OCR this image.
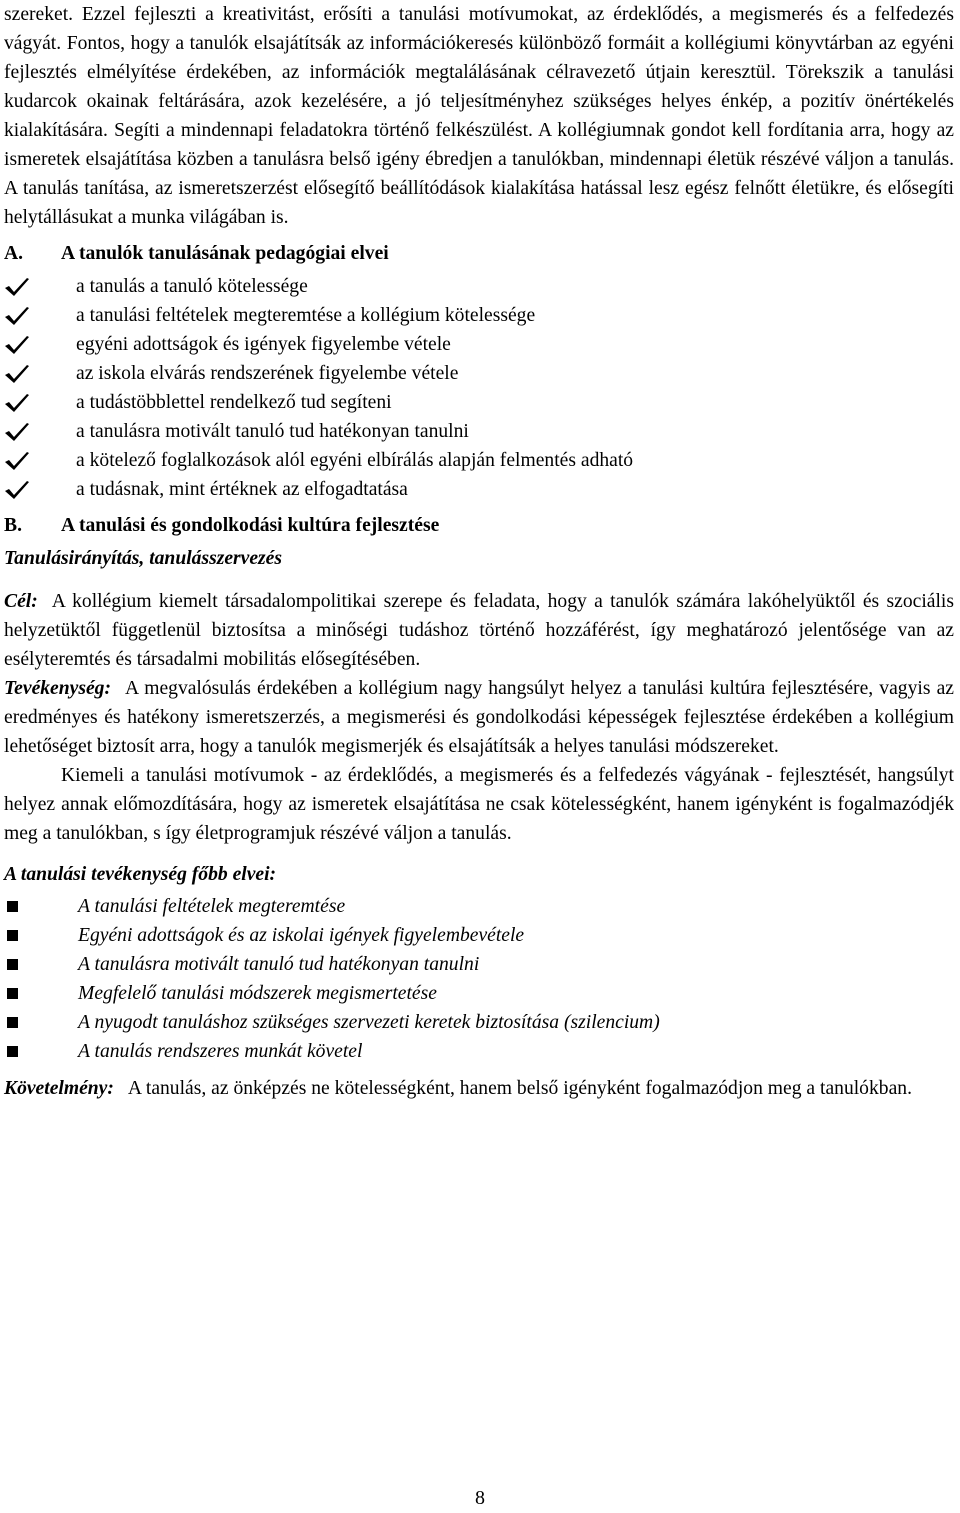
szereket. Ezzel fejleszti a kreativitást, erősíti a tanulási motívumokat, az érdeklődés, a megismerés és a felfedezés vágyát. Fontos, hogy a tanulók elsajátítsák az információkeresés különböző formáit a kollégiumi könyvtárban az egyéni fejlesztés elmélyítése érdekében, az információk megtalálásának célravezető útjain keresztül. Törekszik a tanulási kudarcok okainak feltárására, azok kezelésére, a jó teljesítményhez szükséges helyes énkép, a pozitív önértékelés kialakítására. Segíti a mindennapi feladatokra történő felkészülést. A kollégiumnak gondot kell fordítania arra, hogy az ismeretek elsajátítása közben a tanulásra belső igény ébredjen a tanulókban, mindennapi életük részévé váljon a tanulás. A tanulás tanítása, az ismeretszerzést elősegítő beállítódások kialakítása hatással lesz egész felnőtt életükre, és elősegíti helytállásukat a munka világában is.

A. A tanulók tanulásának pedagógiai elvei
a tanulás a tanuló kötelessége
a tanulási feltételek megteremtése a kollégium kötelessége
egyéni adottságok és igények figyelembe vétele
az iskola elvárás rendszerének figyelembe vétele
a tudástöbblettel rendelkező tud segíteni
a tanulásra motivált tanuló tud hatékonyan tanulni
a kötelező foglalkozások alól egyéni elbírálás alapján felmentés adható
a tudásnak, mint értéknek az elfogadtatása
B. A tanulási és gondolkodási kultúra fejlesztése

Tanulásirányítás, tanulásszervezés

Cél: A kollégium kiemelt társadalompolitikai szerepe és feladata, hogy a tanulók számára lakóhelyüktől és szociális helyzetüktől függetlenül biztosítsa a minőségi tudáshoz történő hozzáférést, így meghatározó jelentősége van az esélyteremtés és társadalmi mobilitás elősegítésében.

Tevékenység: A megvalósulás érdekében a kollégium nagy hangsúlyt helyez a tanulási kultúra fejlesztésére, vagyis az eredményes és hatékony ismeretszerzés, a megismerési és gondolkodási képességek fejlesztése érdekében a kollégium lehetőséget biztosít arra, hogy a tanulók megismerjék és elsajátítsák a helyes tanulási módszereket.

Kiemeli a tanulási motívumok - az érdeklődés, a megismerés és a felfedezés vágyának - fejlesztését, hangsúlyt helyez annak előmozdítására, hogy az ismeretek elsajátítása ne csak kötelességként, hanem igényként is fogalmazódjék meg a tanulókban, s így életprogramjuk részévé váljon a tanulás.

A tanulási tevékenység főbb elvei:

A tanulási feltételek megteremtése
Egyéni adottságok és az iskolai igények figyelembevétele
A tanulásra motivált tanuló tud hatékonyan tanulni
Megfelelő tanulási módszerek megismertetése
A nyugodt tanuláshoz szükséges szervezeti keretek biztosítása (szilencium)
A tanulás rendszeres munkát követel

Követelmény: A tanulás, az önképzés ne kötelességként, hanem belső igényként fogalmazódjon meg a tanulókban.

8
